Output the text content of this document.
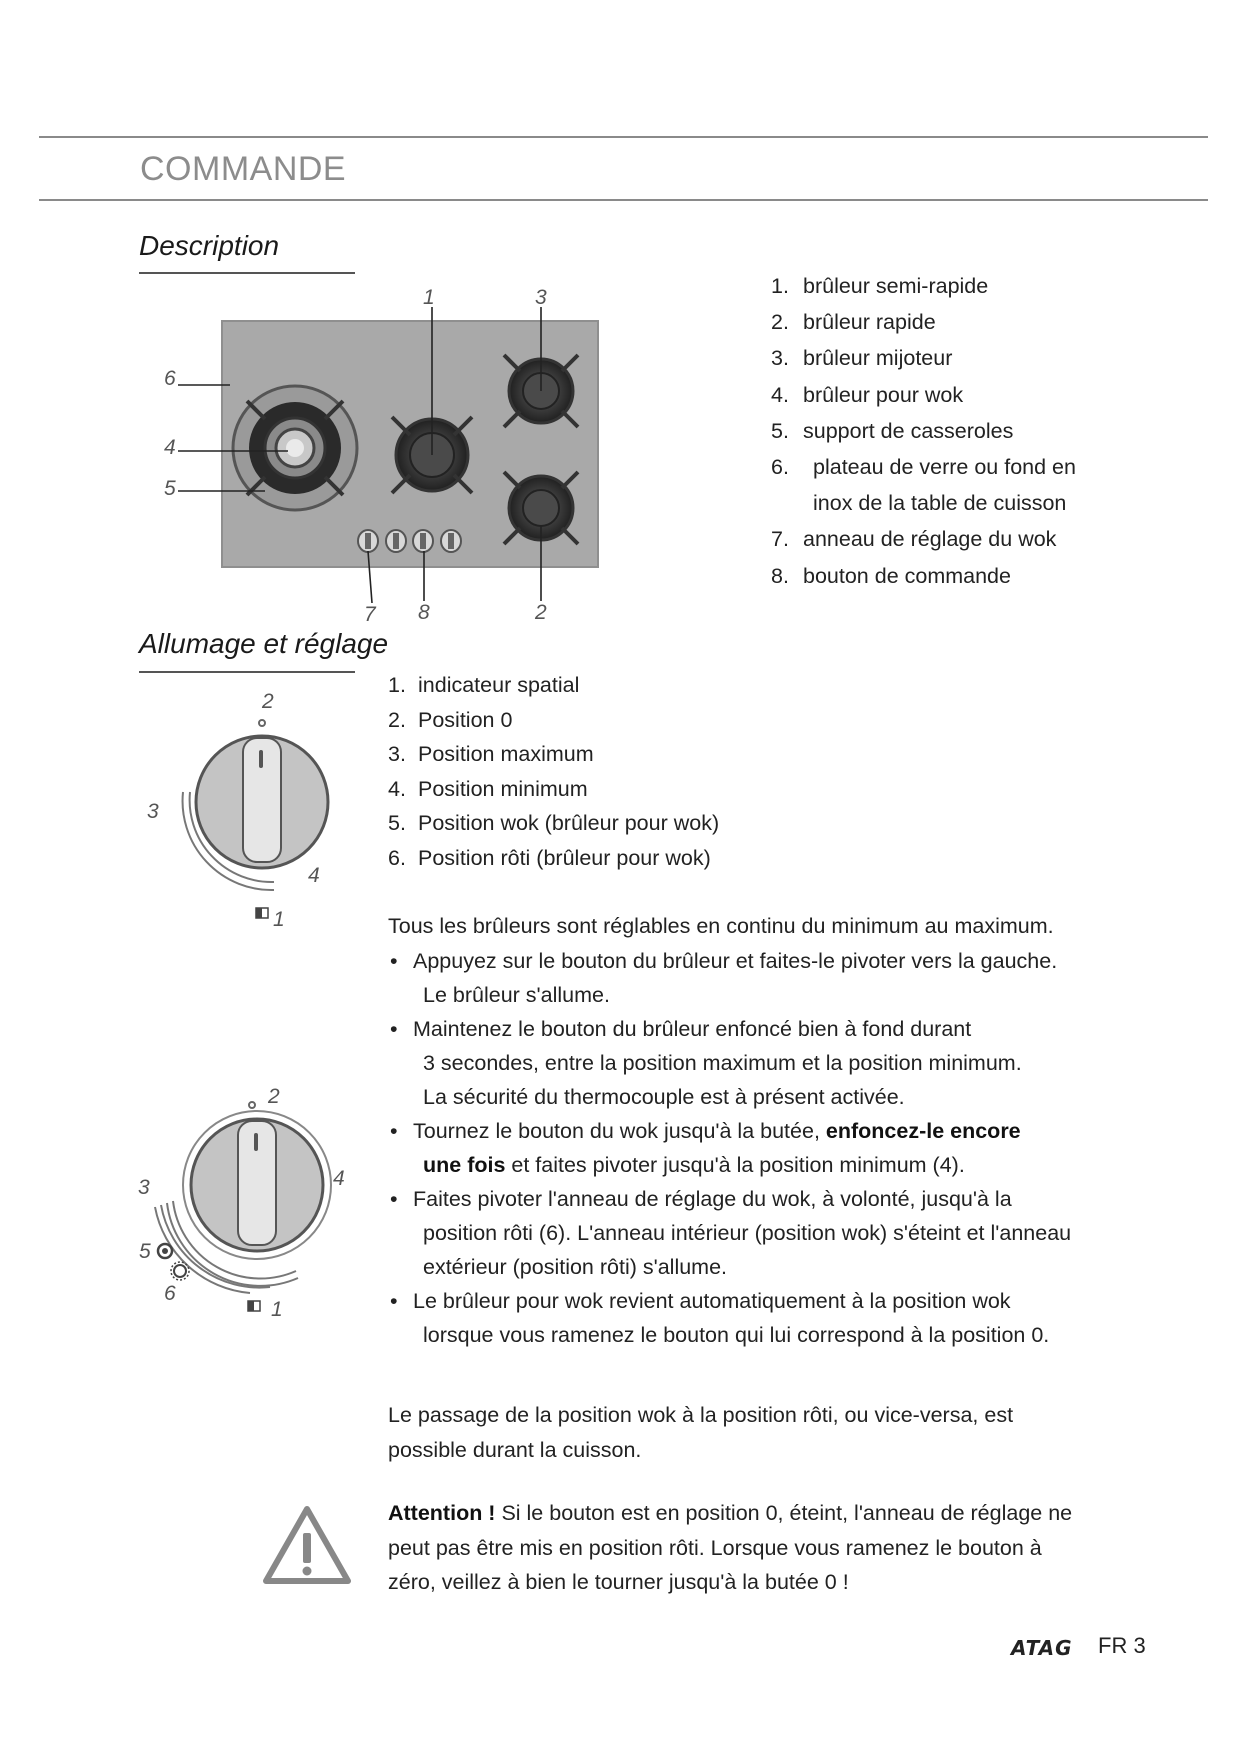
COMMANDE
Description
1	3
6
4
5
7 8	2
1. brûleur semi-rapide
2. brûleur rapide
3. brûleur mijoteur
4. brûleur pour wok
5. support de casseroles
6. plateau de verre ou fond en
inox de la table de cuisson
7. anneau de réglage du wok
8. bouton de commande
Allumage et réglage
2
3
4
1
1. indicateur spatial
2. Position 0
3. Position maximum
4. Position minimum
5. Position wok (brûleur pour wok)
6. Position rôti (brûleur pour wok)
Tous les brûleurs sont réglables en continu du minimum au maximum.
• Appuyez sur le bouton du brûleur et faites-le pivoter vers la gauche.
Le brûleur s'allume.
• Maintenez le bouton du brûleur enfoncé bien à fond durant
3 secondes, entre la position maximum et la position minimum.
La sécurité du thermocouple est à présent activée.
• Tournez le bouton du wok jusqu'à la butée, enfoncez-le encore
une fois et faites pivoter jusqu'à la position minimum (4).
• Faites pivoter l'anneau de réglage du wok, à volonté, jusqu'à la
position rôti (6). L'anneau intérieur (position wok) s'éteint et l'anneau
extérieur (position rôti) s'allume.
• Le brûleur pour wok revient automatiquement à la position wok
lorsque vous ramenez le bouton qui lui correspond à la position 0.
2
3	4
5
6
1
Le passage de la position wok à la position rôti, ou vice-versa, est
possible durant la cuisson.
Attention ! Si le bouton est en position 0, éteint, l'anneau de réglage ne
peut pas être mis en position rôti. Lorsque vous ramenez le bouton à
zéro, veillez à bien le tourner jusqu'à la butée 0 !
ATAG FR 3
